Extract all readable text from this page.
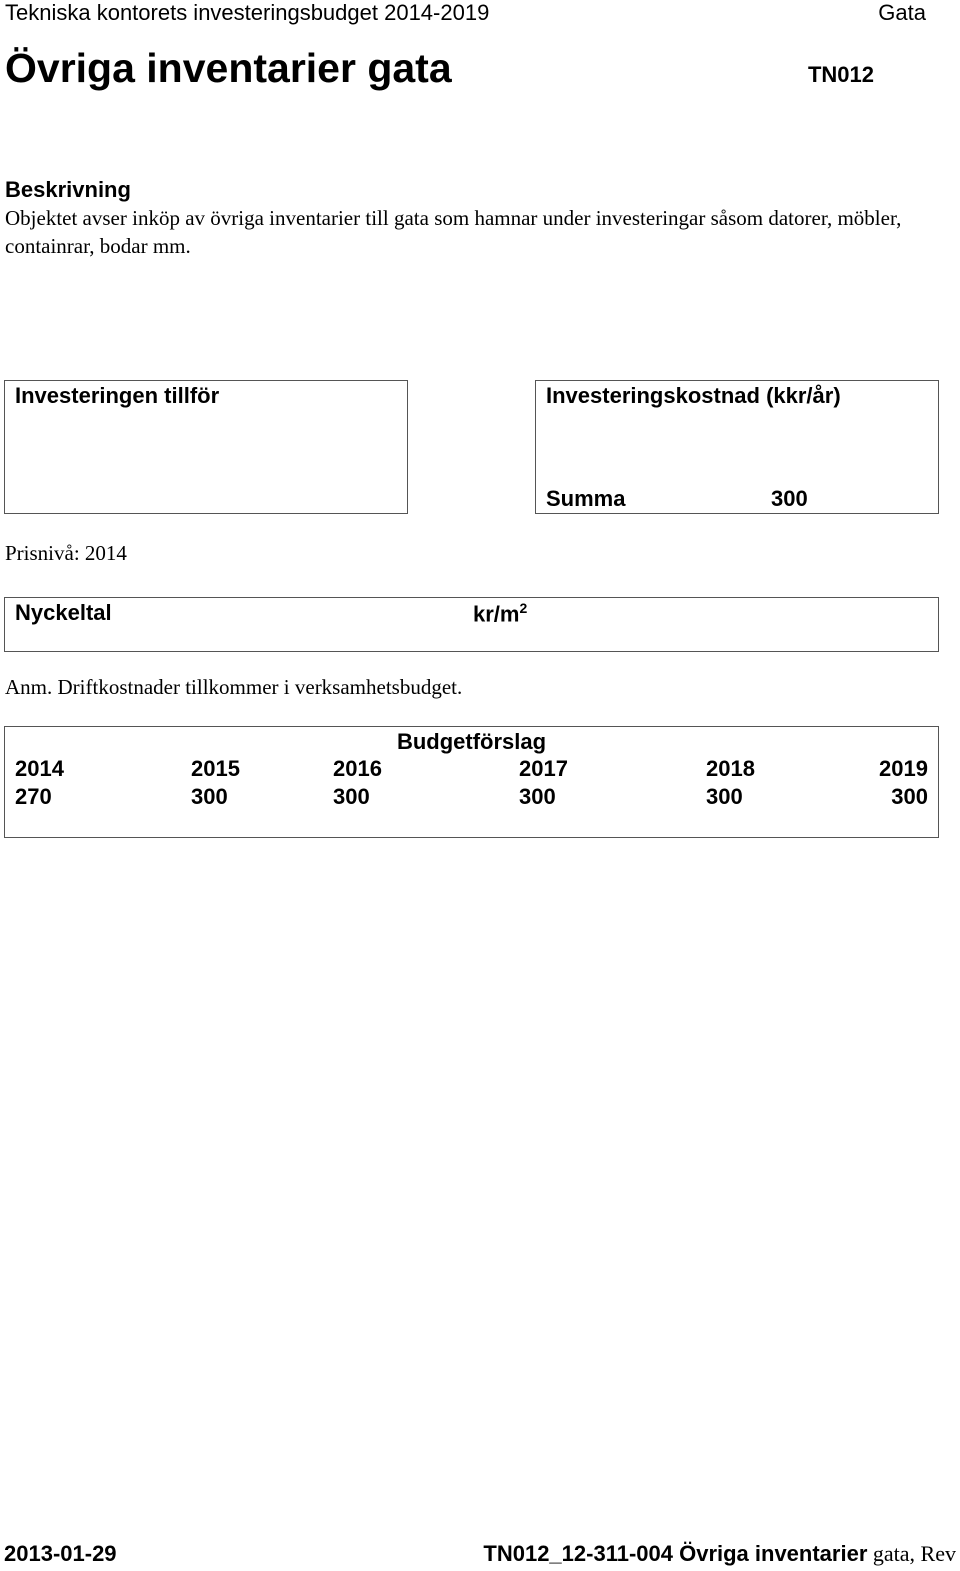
Tekniska kontorets investeringsbudget 2014-2019	Gata
Övriga inventarier gata	TN012
Beskrivning
Objektet avser inköp av övriga inventarier till gata som hamnar under investeringar såsom datorer, möbler, containrar, bodar mm.
Investeringen tillför	Investeringskostnad (kkr/år)
Summa	300
Prisnivå: 2014
Nyckeltal	$kr/m^2$
Anm. Driftkostnader tillkommer i verksamhetsbudget.
Budgetförslag
2014	2015	2016	2017	2018	2019
270	300	300	300	300	300
2013-01-29	TN012_12-311-004 Övriga inventarier gata, Rev
